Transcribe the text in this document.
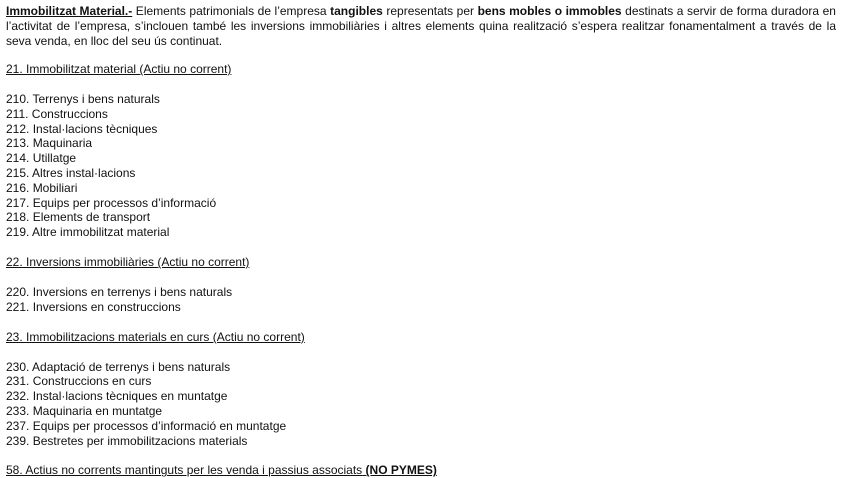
Immobilitzat Material.- Elements patrimonials de l’empresa tangibles representats per bens mobles o immobles destinats a servir de forma duradora en l’activitat de l’empresa, s’inclouen també les inversions immobiliàries i altres elements quina realització s’espera realitzar fonamentalment a través de la seva venda, en lloc del seu ús continuat.

21. Immobilitzat material (Actiu no corrent)

210. Terrenys i bens naturals
211. Construccions
212. Instal·lacions tècniques
213. Maquinaria
214. Utillatge
215. Altres instal·lacions
216. Mobiliari
217. Equips per processos d’informació
218. Elements de transport
219. Altre immobilitzat material

22. Inversions immobiliàries (Actiu no corrent)

220. Inversions en terrenys i bens naturals
221. Inversions en construccions

23. Immobilitzacions materials en curs (Actiu no corrent)

230. Adaptació de terrenys i bens naturals
231. Construccions en curs
232. Instal·lacions tècniques en muntatge
233. Maquinaria en muntatge
237. Equips per processos d’informació en muntatge
239. Bestretes per immobilitzacions materials

58. Actius no corrents mantinguts per les venda i passius associats (NO PYMES)
